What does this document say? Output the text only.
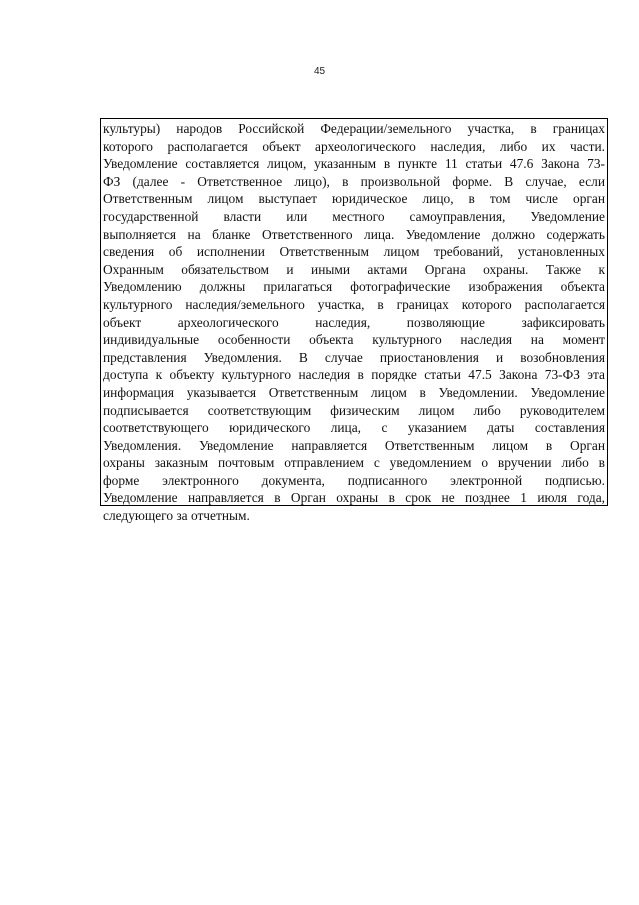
45
культуры) народов Российской Федерации/земельного участка, в границах
которого располагается объект археологического наследия, либо их части.
Уведомление составляется лицом, указанным в пункте 11 статьи 47.6 Закона 73-
ФЗ (далее - Ответственное лицо), в произвольной форме. В случае, если
Ответственным лицом выступает юридическое лицо, в том числе орган
государственной власти или местного самоуправления, Уведомление
выполняется на бланке Ответственного лица. Уведомление должно содержать
сведения об исполнении Ответственным лицом требований, установленных
Охранным обязательством и иными актами Органа охраны. Также к
Уведомлению должны прилагаться фотографические изображения объекта
культурного наследия/земельного участка, в границах которого располагается
объект археологического наследия, позволяющие зафиксировать
индивидуальные особенности объекта культурного наследия на момент
представления Уведомления. В случае приостановления и возобновления
доступа к объекту культурного наследия в порядке статьи 47.5 Закона 73-ФЗ эта
информация указывается Ответственным лицом в Уведомлении. Уведомление
подписывается соответствующим физическим лицом либо руководителем
соответствующего юридического лица, с указанием даты составления
Уведомления. Уведомление направляется Ответственным лицом в Орган
охраны заказным почтовым отправлением с уведомлением о вручении либо в
форме электронного документа, подписанного электронной подписью.
Уведомление направляется в Орган охраны в срок не позднее 1 июля года,
следующего за отчетным.
